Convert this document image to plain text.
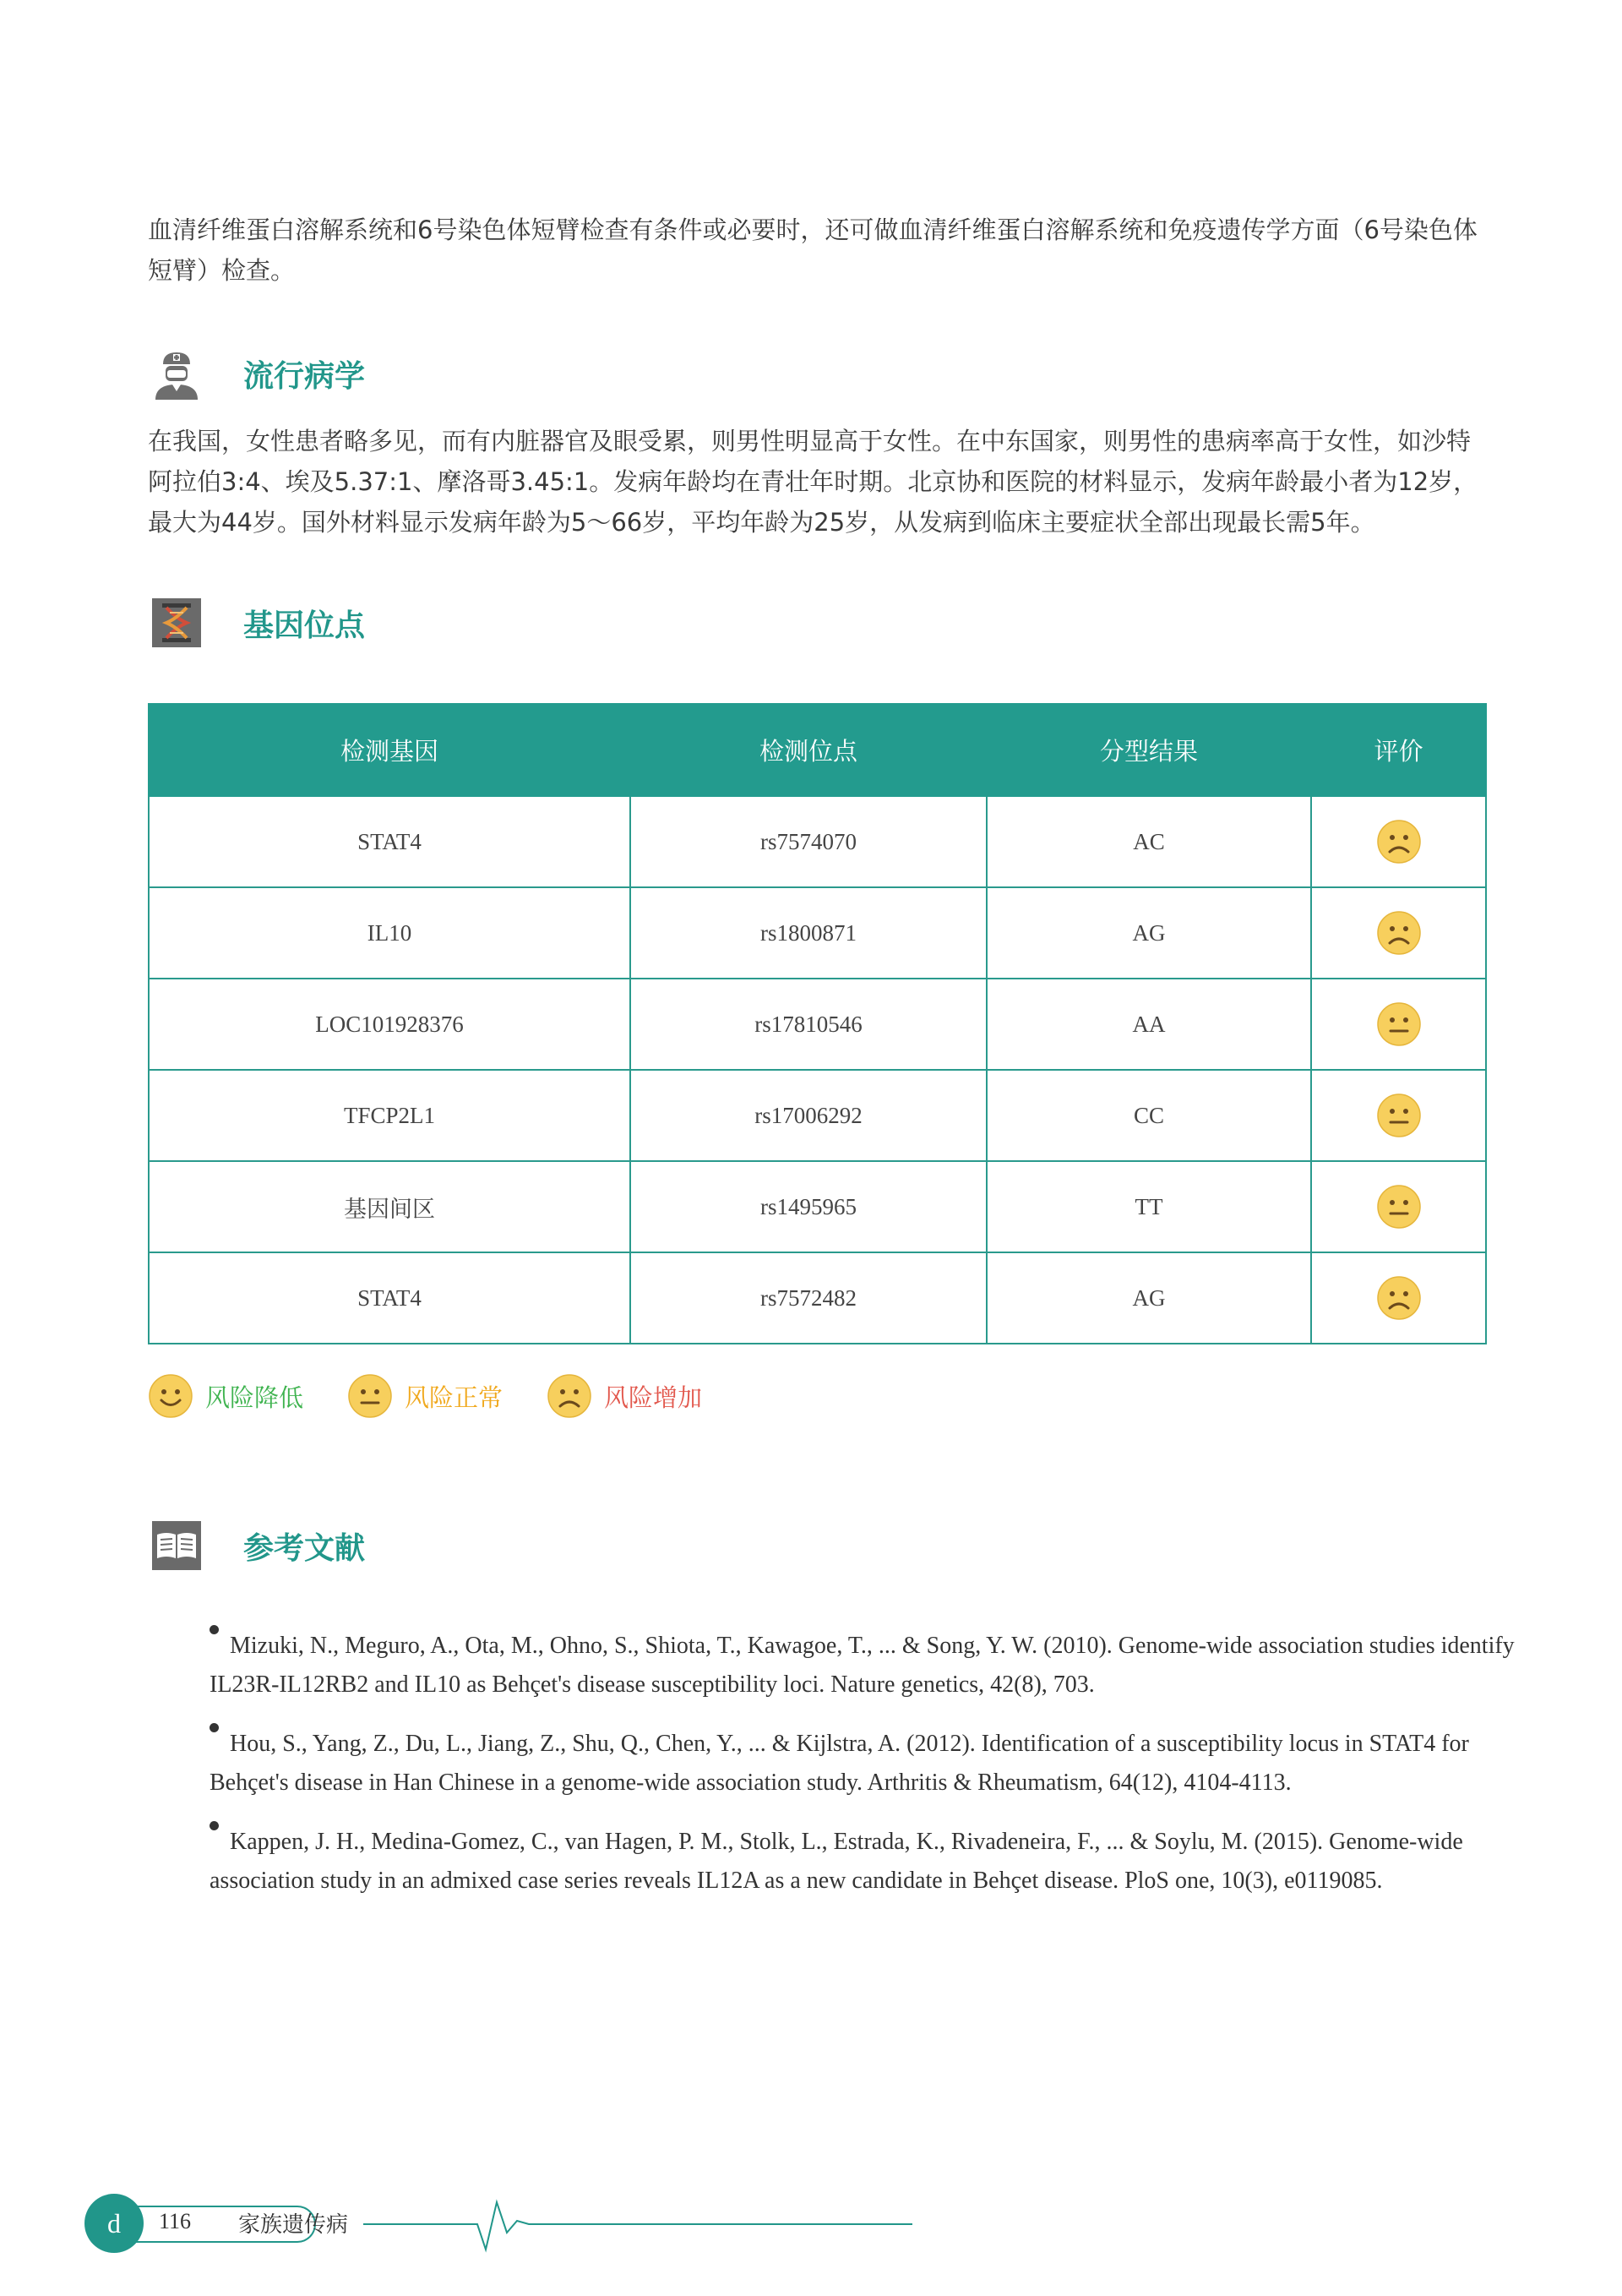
血清纤维蛋白溶解系统和6号染色体短臂检查有条件或必要时，还可做血清纤维蛋白溶解系统和免疫遗传学方面（6号染色体短臂）检查。

流行病学

在我国，女性患者略多见，而有内脏器官及眼受累，则男性明显高于女性。在中东国家，则男性的患病率高于女性，如沙特阿拉伯3:4、埃及5.37:1、摩洛哥3.45:1。发病年龄均在青壮年时期。北京协和医院的材料显示，发病年龄最小者为12岁，最大为44岁。国外材料显示发病年龄为5～66岁，平均年龄为25岁，从发病到临床主要症状全部出现最长需5年。

基因位点
检测基因	检测位点	分型结果	评价
STAT4	rs7574070	AC	
IL10	rs1800871	AG	
LOC101928376	rs17810546	AA	
TFCP2L1	rs17006292	CC	
基因间区	rs1495965	TT	
STAT4	rs7572482	AG	
风险降低	风险正常	风险增加
参考文献
Mizuki, N., Meguro, A., Ota, M., Ohno, S., Shiota, T., Kawagoe, T., ... & Song, Y. W. (2010). Genome-wide association studies identify IL23R-IL12RB2 and IL10 as Behçet's disease susceptibility loci. Nature genetics, 42(8), 703.
Hou, S., Yang, Z., Du, L., Jiang, Z., Shu, Q., Chen, Y., ... & Kijlstra, A. (2012). Identification of a susceptibility locus in STAT4 for Behçet's disease in Han Chinese in a genome-wide association study. Arthritis & Rheumatism, 64(12), 4104-4113.
Kappen, J. H., Medina-Gomez, C., van Hagen, P. M., Stolk, L., Estrada, K., Rivadeneira, F., ... & Soylu, M. (2015). Genome-wide association study in an admixed case series reveals IL12A as a new candidate in Behçet disease. PloS one, 10(3), e0119085.
d	116 家族遗传病
